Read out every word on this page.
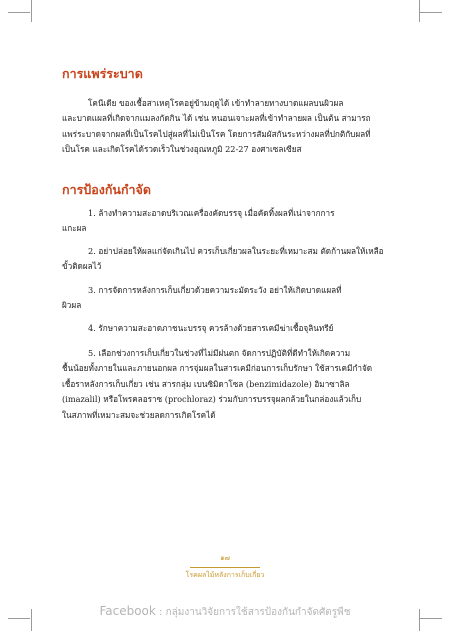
การแพร่ระบาด
โคนีเดีย ของเชื้อสาเหตุโรคอยู่ข้ามฤดูได้ เข้าทำลายทางบาดแผลบนผิวผล
และบาดแผลที่เกิดจากแมลงกัดกิน ได้ เช่น หนอนเจาะผลที่เข้าทำลายผล เป็นต้น สามารถ
แพร่ระบาดจากผลที่เป็นโรคไปสู่ผลที่ไม่เป็นโรค โดยการสัมผัสกันระหว่างผลที่ปกติกับผลที่
เป็นโรค และเกิดโรคได้รวดเร็วในช่วงอุณหภูมิ 22-27 องศาเซลเซียส
การป้องกันกำจัด
1. ล้างทำความสะอาดบริเวณเครื่องคัดบรรจุ เมื่อคัดทิ้งผลที่เน่าจากการ
แกะผล
2. อย่าปล่อยให้ผลแก่จัดเกินไป ควรเก็บเกี่ยวผลในระยะที่เหมาะสม ตัดก้านผลให้เหลือ
ขั้วติดผลไว้
3. การจัดการหลังการเก็บเกี่ยวด้วยความระมัดระวัง อย่าให้เกิดบาดแผลที่
ผิวผล
4. รักษาความสะอาดภาชนะบรรจุ ควรล้างด้วยสารเคมีฆ่าเชื้อจุลินทรีย์
5. เลือกช่วงการเก็บเกี่ยวในช่วงที่ไม่มีฝนตก จัดการปฏิบัติที่ดีทำให้เกิดความ
ชื้นน้อยทั้งภายในและภายนอกผล การจุ่มผลในสารเคมีก่อนการเก็บรักษา ใช้สารเคมีกำจัด
เชื้อราหลังการเก็บเกี่ยว เช่น สารกลุ่ม เบนซิมิดาโซล (benzimidazole) อิมาซาลิล
(imazalil) หรือโพรคลอราซ (prochloraz) ร่วมกับการบรรจุผลกล้วยในกล่องแล้วเก็บ
ในสภาพที่เหมาะสมจะช่วยลดการเกิดโรคได้
๑๗
โรคผลไม้หลังการเก็บเกี่ยว
Facebook : กลุ่มงานวิจัยการใช้สารป้องกันกำจัดศัตรูพืช
